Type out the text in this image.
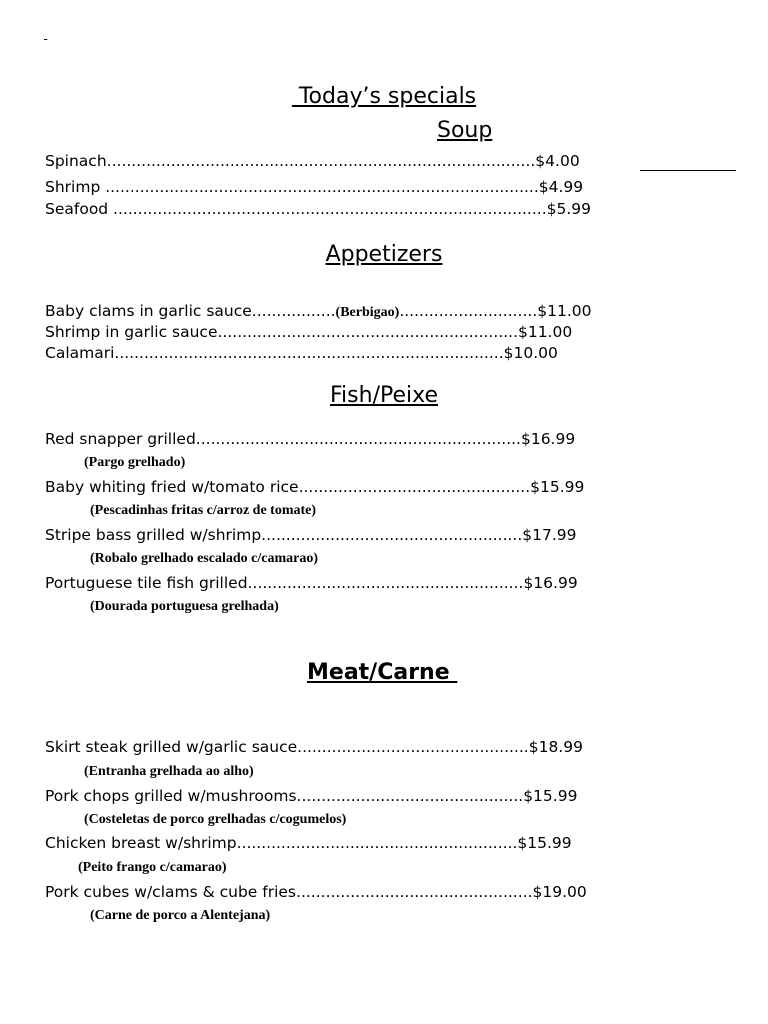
Today’s specials
Soup
Spinach.......................................................................................$4.00
Shrimp ........................................................................................$4.99
Seafood ........................................................................................$5.99
Appetizers
Baby clams in garlic sauce.................(Berbigao)............................$11.00
Shrimp in garlic sauce.............................................................$11.00
Calamari...............................................................................$10.00
Fish/Peixe
Red snapper grilled..................................................................$16.99
(Pargo grelhado)
Baby whiting fried w/tomato rice...............................................$15.99
(Pescadinhas fritas c/arroz de tomate)
Stripe bass grilled w/shrimp.....................................................$17.99
(Robalo grelhado escalado c/camarao)
Portuguese tile fish grilled........................................................$16.99
(Dourada portuguesa grelhada)
Meat/Carne
Skirt steak grilled w/garlic sauce...............................................$18.99
(Entranha grelhada ao alho)
Pork chops grilled w/mushrooms..............................................$15.99
(Costeletas de porco grelhadas c/cogumelos)
Chicken breast w/shrimp.........................................................$15.99
(Peito frango c/camarao)
Pork cubes w/clams & cube fries................................................$19.00
(Carne de porco a Alentejana)
